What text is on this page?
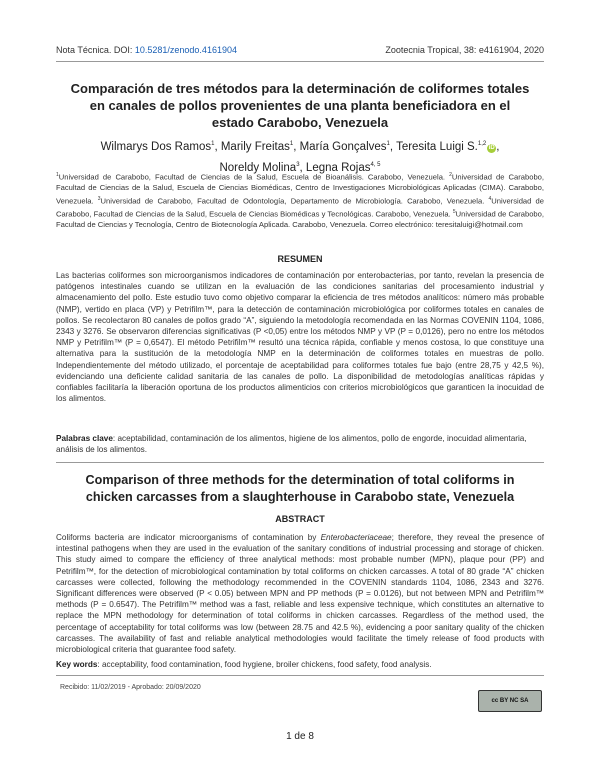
Nota Técnica. DOI: 10.5281/zenodo.4161904	Zootecnia Tropical, 38: e4161904, 2020
Comparación de tres métodos para la determinación de coliformes totales en canales de pollos provenientes de una planta beneficiadora en el estado Carabobo, Venezuela
Wilmarys Dos Ramos$^1$, Marily Freitas$^1$, María Gonçalves$^1$, Teresita Luigi S.$^{1,2}$iD ,
Noreldy Molina$^3$, Legna Rojas$^{4, 5}$
$^1$Universidad de Carabobo, Facultad de Ciencias de la Salud, Escuela de Bioanálisis. Carabobo, Venezuela. $^2$Universidad de Carabobo, Facultad de Ciencias de la Salud, Escuela de Ciencias Biomédicas, Centro de Investigaciones Microbiológicas Aplicadas (CIMA). Carabobo, Venezuela. $^3$Universidad de Carabobo, Facultad de Odontología, Departamento de Microbiología. Carabobo, Venezuela. $^4$Universidad de Carabobo, Facultad de Ciencias de la Salud, Escuela de Ciencias Biomédicas y Tecnológicas. Carabobo, Venezuela. $^5$Universidad de Carabobo, Facultad de Ciencias y Tecnología, Centro de Biotecnología Aplicada. Carabobo, Venezuela. Correo electrónico: teresitaluigi@hotmail.com
RESUMEN
Las bacterias coliformes son microorganismos indicadores de contaminación por enterobacterias, por tanto, revelan la presencia de patógenos intestinales cuando se utilizan en la evaluación de las condiciones sanitarias del procesamiento industrial y almacenamiento del pollo. Este estudio tuvo como objetivo comparar la eficiencia de tres métodos analíticos: número más probable (NMP), vertido en placa (VP) y Petrifilm™, para la detección de contaminación microbiológica por coliformes totales en canales de pollos. Se recolectaron 80 canales de pollos grado “A”, siguiendo la metodología recomendada en las Normas COVENIN 1104, 1086, 2343 y 3276. Se observaron diferencias significativas (P <0,05) entre los métodos NMP y VP (P = 0,0126), pero no entre los métodos NMP y Petrifilm™ (P = 0,6547). El método Petrifilm™ resultó una técnica rápida, confiable y menos costosa, lo que constituye una alternativa para la sustitución de la metodología NMP en la determinación de coliformes totales en muestras de pollo. Independientemente del método utilizado, el porcentaje de aceptabilidad para coliformes totales fue bajo (entre 28,75 y 42,5 %), evidenciando una deficiente calidad sanitaria de las canales de pollo. La disponibilidad de metodologías analíticas rápidas y confiables facilitaría la liberación oportuna de los productos alimenticios con criterios microbiológicos que garanticen la inocuidad de los alimentos.
Palabras clave: aceptabilidad, contaminación de los alimentos, higiene de los alimentos, pollo de engorde, inocuidad alimentaria, análisis de los alimentos.
Comparison of three methods for the determination of total coliforms in chicken carcasses from a slaughterhouse in Carabobo state, Venezuela
ABSTRACT
Coliforms bacteria are indicator microorganisms of contamination by Enterobacteriaceae; therefore, they reveal the presence of intestinal pathogens when they are used in the evaluation of the sanitary conditions of industrial processing and storage of chicken. This study aimed to compare the efficiency of three analytical methods: most probable number (MPN), plaque pour (PP) and Petrifilm™, for the detection of microbiological contamination by total coliforms on chicken carcasses. A total of 80 grade “A” chicken carcasses were collected, following the methodology recommended in the COVENIN standards 1104, 1086, 2343 and 3276. Significant differences were observed (P < 0.05) between MPN and PP methods (P = 0.0126), but not between MPN and Petrifilm™ methods (P = 0.6547). The Petrifilm™ method was a fast, reliable and less expensive technique, which constitutes an alternative to replace the MPN methodology for determination of total coliforms in chicken carcasses. Regardless of the method used, the percentage of acceptability for total coliforms was low (between 28.75 and 42.5 %), evidencing a poor sanitary quality of the chicken carcasses. The availability of fast and reliable analytical methodologies would facilitate the timely release of food products with microbiological criteria that guarantee food safety.
Key words: acceptability, food contamination, food hygiene, broiler chickens, food safety, food analysis.
Recibido: 11/02/2019 - Aprobado: 20/09/2020
cc BY NC SA
1 de 8
